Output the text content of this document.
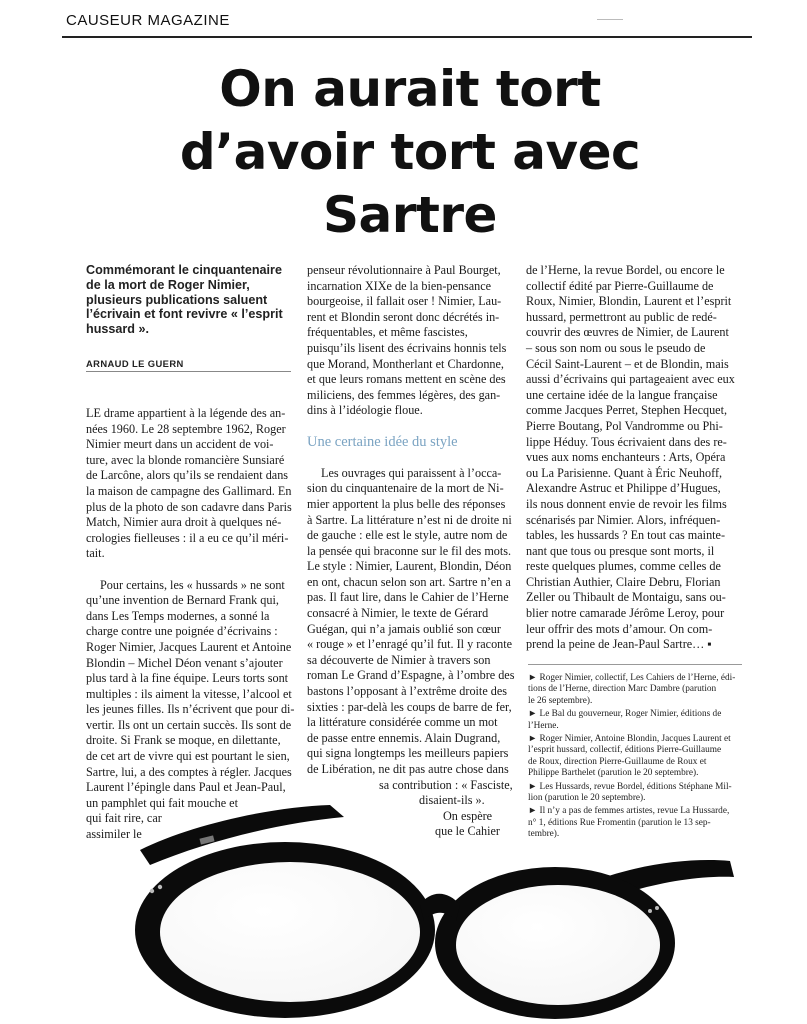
CAUSEUR MAGAZINE
On aurait tort
d’avoir tort avec
Sartre
Commémorant le cinquantenaire
de la mort de Roger Nimier,
plusieurs publications saluent
l’écrivain et font revivre « l’esprit
hussard ».
ARNAUD LE GUERN
LE drame appartient à la légende des an-
nées 1960. Le 28 septembre 1962, Roger
Nimier meurt dans un accident de voi-
ture, avec la blonde romancière Sunsiaré
de Larcône, alors qu’ils se rendaient dans
la maison de campagne des Gallimard. En
plus de la photo de son cadavre dans Paris
Match, Nimier aura droit à quelques né-
crologies fielleuses : il a eu ce qu’il méri-
tait.

Pour certains, les « hussards » ne sont
qu’une invention de Bernard Frank qui,
dans Les Temps modernes, a sonné la
charge contre une poignée d’écrivains :
Roger Nimier, Jacques Laurent et Antoine
Blondin – Michel Déon venant s’ajouter
plus tard à la fine équipe. Leurs torts sont
multiples : ils aiment la vitesse, l’alcool et
les jeunes filles. Ils n’écrivent que pour di-
vertir. Ils ont un certain succès. Ils sont de
droite. Si Frank se moque, en dilettante,
de cet art de vivre qui est pourtant le sien,
Sartre, lui, a des comptes à régler. Jacques
Laurent l’épingle dans Paul et Jean-Paul,
un pamphlet qui fait mouche et
qui fait rire, car
assimiler le
penseur révolutionnaire à Paul Bourget,
incarnation XIXe de la bien-pensance
bourgeoise, il fallait oser ! Nimier, Lau-
rent et Blondin seront donc décrétés in-
fréquentables, et même fascistes,
puisqu’ils lisent des écrivains honnis tels
que Morand, Montherlant et Chardonne,
et que leurs romans mettent en scène des
miliciens, des femmes légères, des gan-
dins à l’idéologie floue.
Une certaine idée du style
Les ouvrages qui paraissent à l’occa-
sion du cinquantenaire de la mort de Ni-
mier apportent la plus belle des réponses
à Sartre. La littérature n’est ni de droite ni
de gauche : elle est le style, autre nom de
la pensée qui braconne sur le fil des mots.
Le style : Nimier, Laurent, Blondin, Déon
en ont, chacun selon son art. Sartre n’en a
pas. Il faut lire, dans le Cahier de l’Herne
consacré à Nimier, le texte de Gérard
Guégan, qui n’a jamais oublié son cœur
« rouge » et l’enragé qu’il fut. Il y raconte
sa découverte de Nimier à travers son
roman Le Grand d’Espagne, à l’ombre des
bastons l’opposant à l’extrême droite des
sixties : par-delà les coups de barre de fer,
la littérature considérée comme un mot
de passe entre ennemis. Alain Dugrand,
qui signa longtemps les meilleurs papiers
de Libération, ne dit pas autre chose dans
sa contribution : « Fasciste,
disaient-ils ».
On espère
que le Cahier
de l’Herne, la revue Bordel, ou encore le
collectif édité par Pierre-Guillaume de
Roux, Nimier, Blondin, Laurent et l’esprit
hussard, permettront au public de redé-
couvrir des œuvres de Nimier, de Laurent
– sous son nom ou sous le pseudo de
Cécil Saint-Laurent – et de Blondin, mais
aussi d’écrivains qui partageaient avec eux
une certaine idée de la langue française
comme Jacques Perret, Stephen Hecquet,
Pierre Boutang, Pol Vandromme ou Phi-
lippe Héduy. Tous écrivaient dans des re-
vues aux noms enchanteurs : Arts, Opéra
ou La Parisienne. Quant à Éric Neuhoff,
Alexandre Astruc et Philippe d’Hugues,
ils nous donnent envie de revoir les films
scénarisés par Nimier. Alors, infréquen-
tables, les hussards ? En tout cas mainte-
nant que tous ou presque sont morts, il
reste quelques plumes, comme celles de
Christian Authier, Claire Debru, Florian
Zeller ou Thibault de Montaigu, sans ou-
blier notre camarade Jérôme Leroy, pour
leur offrir des mots d’amour. On com-
prend la peine de Jean-Paul Sartre… ▪
► Roger Nimier, collectif, Les Cahiers de l’Herne, édi-
tions de l’Herne, direction Marc Dambre (parution
le 26 septembre).
► Le Bal du gouverneur, Roger Nimier, éditions de
l’Herne.
► Roger Nimier, Antoine Blondin, Jacques Laurent et
l’esprit hussard, collectif, éditions Pierre-Guillaume
de Roux, direction Pierre-Guillaume de Roux et
Philippe Barthelet (parution le 20 septembre).
► Les Hussards, revue Bordel, éditions Stéphane Mil-
lion (parution le 20 septembre).
► Il n’y a pas de femmes artistes, revue La Hussarde,
n° 1, éditions Rue Fromentin (parution le 13 sep-
tembre).
